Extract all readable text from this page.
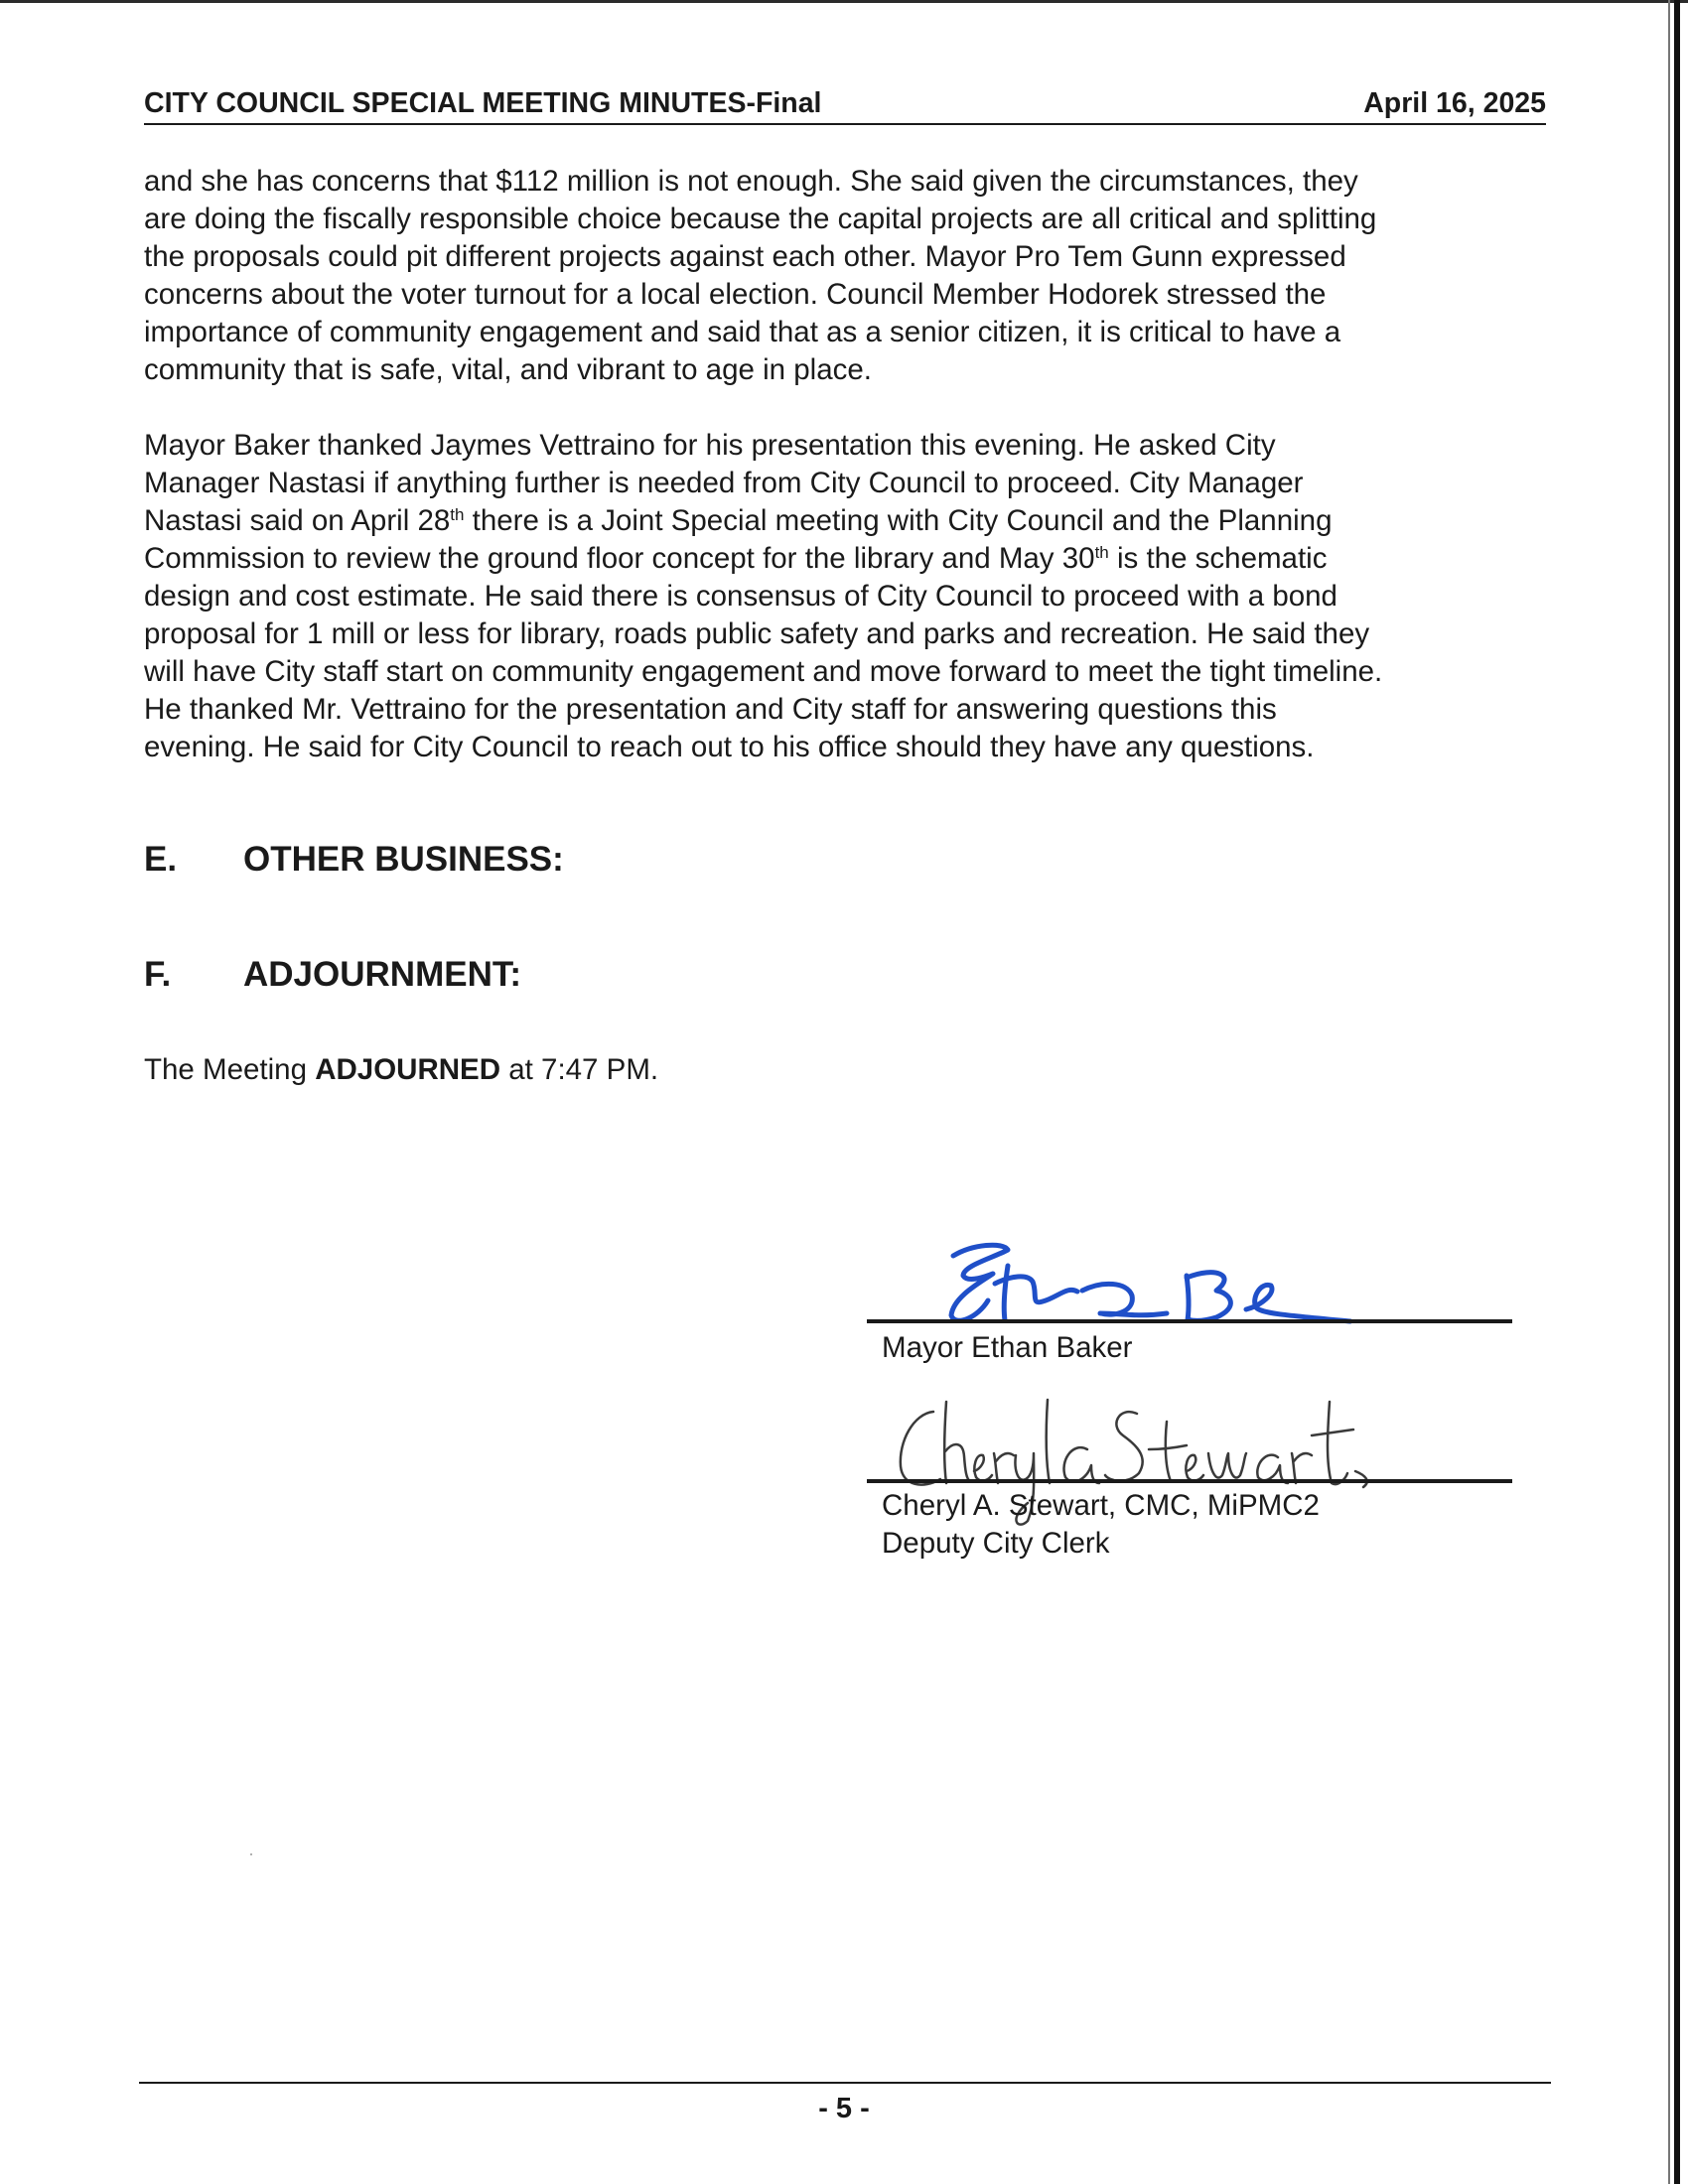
CITY COUNCIL SPECIAL MEETING MINUTES-Final	April 16, 2025

and she has concerns that $112 million is not enough. She said given the circumstances, they

are doing the fiscally responsible choice because the capital projects are all critical and splitting

the proposals could pit different projects against each other. Mayor Pro Tem Gunn expressed

concerns about the voter turnout for a local election. Council Member Hodorek stressed the

importance of community engagement and said that as a senior citizen, it is critical to have a

community that is safe, vital, and vibrant to age in place.

Mayor Baker thanked Jaymes Vettraino for his presentation this evening. He asked City

Manager Nastasi if anything further is needed from City Council to proceed. City Manager

Nastasi said on April 28th there is a Joint Special meeting with City Council and the Planning

Commission to review the ground floor concept for the library and May 30th is the schematic

design and cost estimate. He said there is consensus of City Council to proceed with a bond

proposal for 1 mill or less for library, roads public safety and parks and recreation. He said they

will have City staff start on community engagement and move forward to meet the tight timeline.

He thanked Mr. Vettraino for the presentation and City staff for answering questions this

evening. He said for City Council to reach out to his office should they have any questions.

E. OTHER BUSINESS:
F. ADJOURNMENT:
The Meeting ADJOURNED at 7:47 PM.
Mayor Ethan Baker
Cheryl A. Stewart, CMC, MiPMC2
Deputy City Clerk
- 5 -
